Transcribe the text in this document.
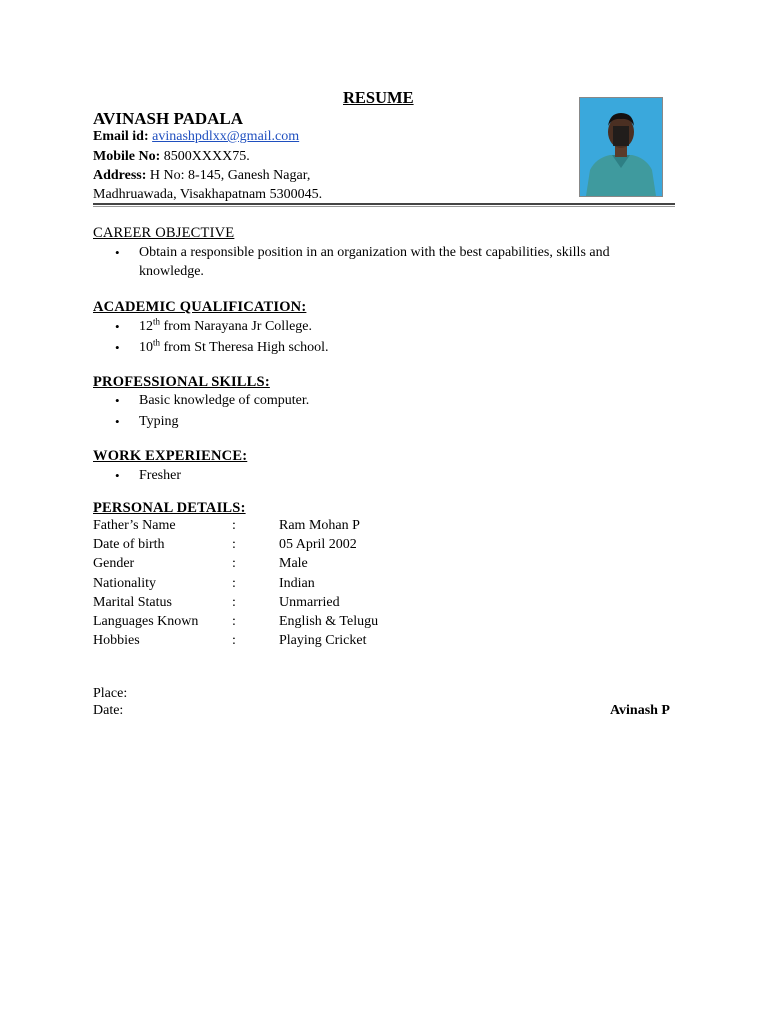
RESUME
AVINASH PADALA
Email id: avinashpdlxx@gmail.com
Mobile No: 8500XXXX75.
Address: H No: 8-145, Ganesh Nagar,
Madhruawada, Visakhapatnam 5300045.
CAREER OBJECTIVE
• Obtain a responsible position in an organization with the best capabilities, skills and knowledge.
ACADEMIC QUALIFICATION:
• 12th from Narayana Jr College.
• 10th from St Theresa High school.
PROFESSIONAL SKILLS:
• Basic knowledge of computer.
• Typing
WORK EXPERIENCE:
• Fresher
PERSONAL DETAILS:
Father’s Name	:	Ram Mohan P
Date of birth	:	05 April 2002
Gender	:	Male
Nationality	:	Indian
Marital Status	:	Unmarried
Languages Known :	English & Telugu
Hobbies	:	Playing Cricket
Place:
Date:	Avinash P
